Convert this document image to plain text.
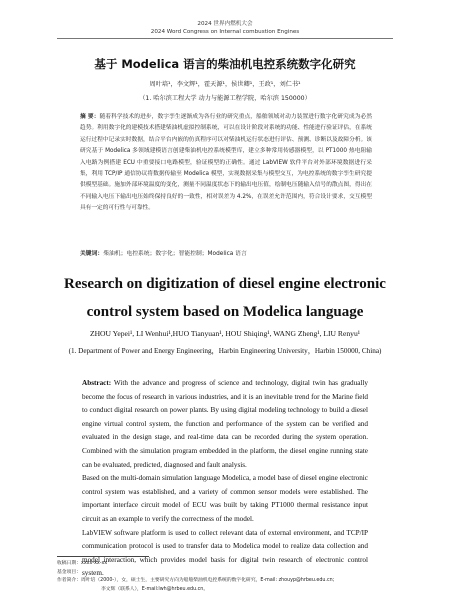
2024 世界内燃机大会
2024 Word Congress on Internal combustion Engines
基于 Modelica 语言的柴油机电控系统数字化研究
周叶培¹，李文辉¹，霍天源¹，侯世卿¹，王政¹，刘仁书¹
（1. 哈尔滨工程大学 动力与能源工程学院，哈尔滨 150000）
摘 要：随着科学技术的进步，数字孪生逐渐成为各行业的研究重点，船舶领域对动力装置进行数字化研究成为必然趋势。利用数字化的建模技术搭建柴油机虚拟控制系统，可以在设计阶段对系统的功能、性能进行验证评估，在系统运行过程中记录实时数据，结合平台内嵌的仿真程序可以对柴油机运行状态进行评估、预测、诊断以及故障分析。该研究基于 Modelica 多领域建模语言创建柴油机电控系统模型库，建立多种常用传感器模型，以 PT1000 热电阻输入电路为例搭建 ECU 中重要接口电路模型，验证模型的正确性。通过 LabVIEW 软件平台对外部环境数据进行采集，利用 TCP/IP 通信协议将数据传输至 Modelica 模型，实现数据采集与模型交互，为电控系统的数字孪生研究提供模型基础。施加外部环境温度的变化，测量不同温度状态下的输出电压值，绘制电压随输入信号的散点图，得出在不同输入电压下输出电压始终保持良好的一致性，相对误差为 4.2%，在误差允许范围内，符合设计要求，交互模型具有一定的可行性与可靠性。
关键词：柴油机；电控系统；数字化；智能控制；Modelica 语言
Research on digitization of diesel engine electronic control system based on Modelica language
ZHOU Yepei¹, LI Wenhui¹,HUO Tianyuan¹, HOU Shiqing¹, WANG Zheng¹, LIU Renyu¹
(1. Department of Power and Energy Engineering，Harbin Engineering University，Harbin 150000, China)

Abstract: With the advance and progress of science and technology, digital twin has gradually become the focus of research in various industries, and it is an inevitable trend for the Marine field to conduct digital research on power plants. By using digital modeling technology to build a diesel engine virtual control system, the function and performance of the system can be verified and evaluated in the design stage, and real-time data can be recorded during the system operation. Combined with the simulation program embedded in the platform, the diesel engine running state can be evaluated, predicted, diagnosed and fault analysis.

Based on the multi-domain simulation language Modelica, a model base of diesel engine electronic control system was established, and a variety of common sensor models were established. The important interface circuit model of ECU was built by taking PT1000 thermal resistance input circuit as an example to verify the correctness of the model.

LabVIEW software platform is used to collect relevant data of external environment, and TCP/IP communication protocol is used to transfer data to Modelica model to realize data collection and model interaction, which provides model basis for digital twin research of electronic control system.

收稿日期：xxxx-xx-xx
基金项目：
作者简介：周叶培（2000-），女，硕士生，主要研究方向为船舶柴油机电控系统的数字化研究，E-mail: zhouyp@hrbeu.edu.cn;
李文辉（联系人），E-mail:lwh@hrbeu.edu.cn。
